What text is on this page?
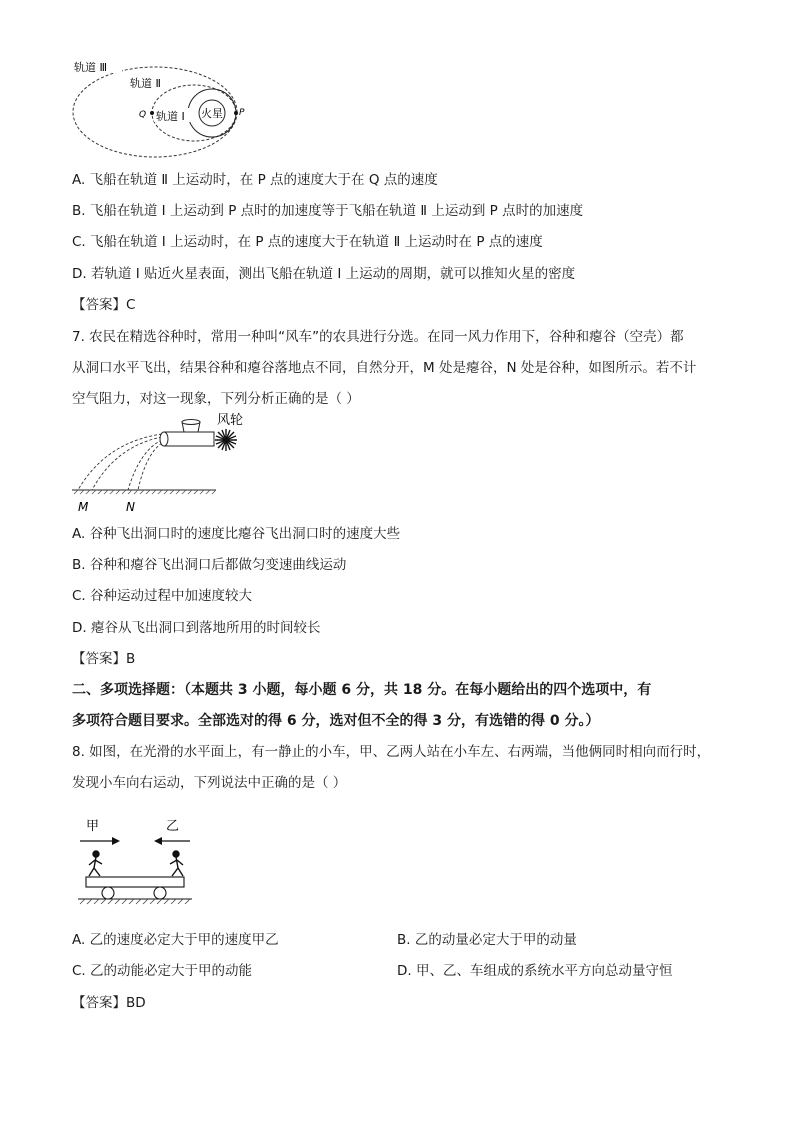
火星
Q	P
轨道 Ⅲ
轨道 Ⅱ
轨道 Ⅰ
A. 飞船在轨道 Ⅱ 上运动时，在 P 点的速度大于在 Q 点的速度
B. 飞船在轨道 Ⅰ 上运动到 P 点时的加速度等于飞船在轨道 Ⅱ 上运动到 P 点时的加速度
C. 飞船在轨道 Ⅰ 上运动时，在 P 点的速度大于在轨道 Ⅱ 上运动时在 P 点的速度
D. 若轨道 Ⅰ 贴近火星表面，测出飞船在轨道 Ⅰ 上运动的周期，就可以推知火星的密度
【答案】C
7. 农民在精选谷种时，常用一种叫“风车”的农具进行分选。在同一风力作用下，谷种和瘪谷（空壳）都
从洞口水平飞出，结果谷种和瘪谷落地点不同，自然分开，M 处是瘪谷，N 处是谷种，如图所示。若不计
空气阻力，对这一现象，下列分析正确的是（ ）
风轮
M	N
A. 谷种飞出洞口时的速度比瘪谷飞出洞口时的速度大些
B. 谷种和瘪谷飞出洞口后都做匀变速曲线运动
C. 谷种运动过程中加速度较大
D. 瘪谷从飞出洞口到落地所用的时间较长
【答案】B
二、多项选择题：（本题共 3 小题，每小题 6 分，共 18 分。在每小题给出的四个选项中，有
多项符合题目要求。全部选对的得 6 分，选对但不全的得 3 分，有选错的得 0 分。）
8. 如图，在光滑的水平面上，有一静止的小车，甲、乙两人站在小车左、右两端，当他俩同时相向而行时，
发现小车向右运动，下列说法中正确的是（ ）
甲	乙
A. 乙的速度必定大于甲的速度甲乙	B. 乙的动量必定大于甲的动量
C. 乙的动能必定大于甲的动能	D. 甲、乙、车组成的系统水平方向总动量守恒
【答案】BD
